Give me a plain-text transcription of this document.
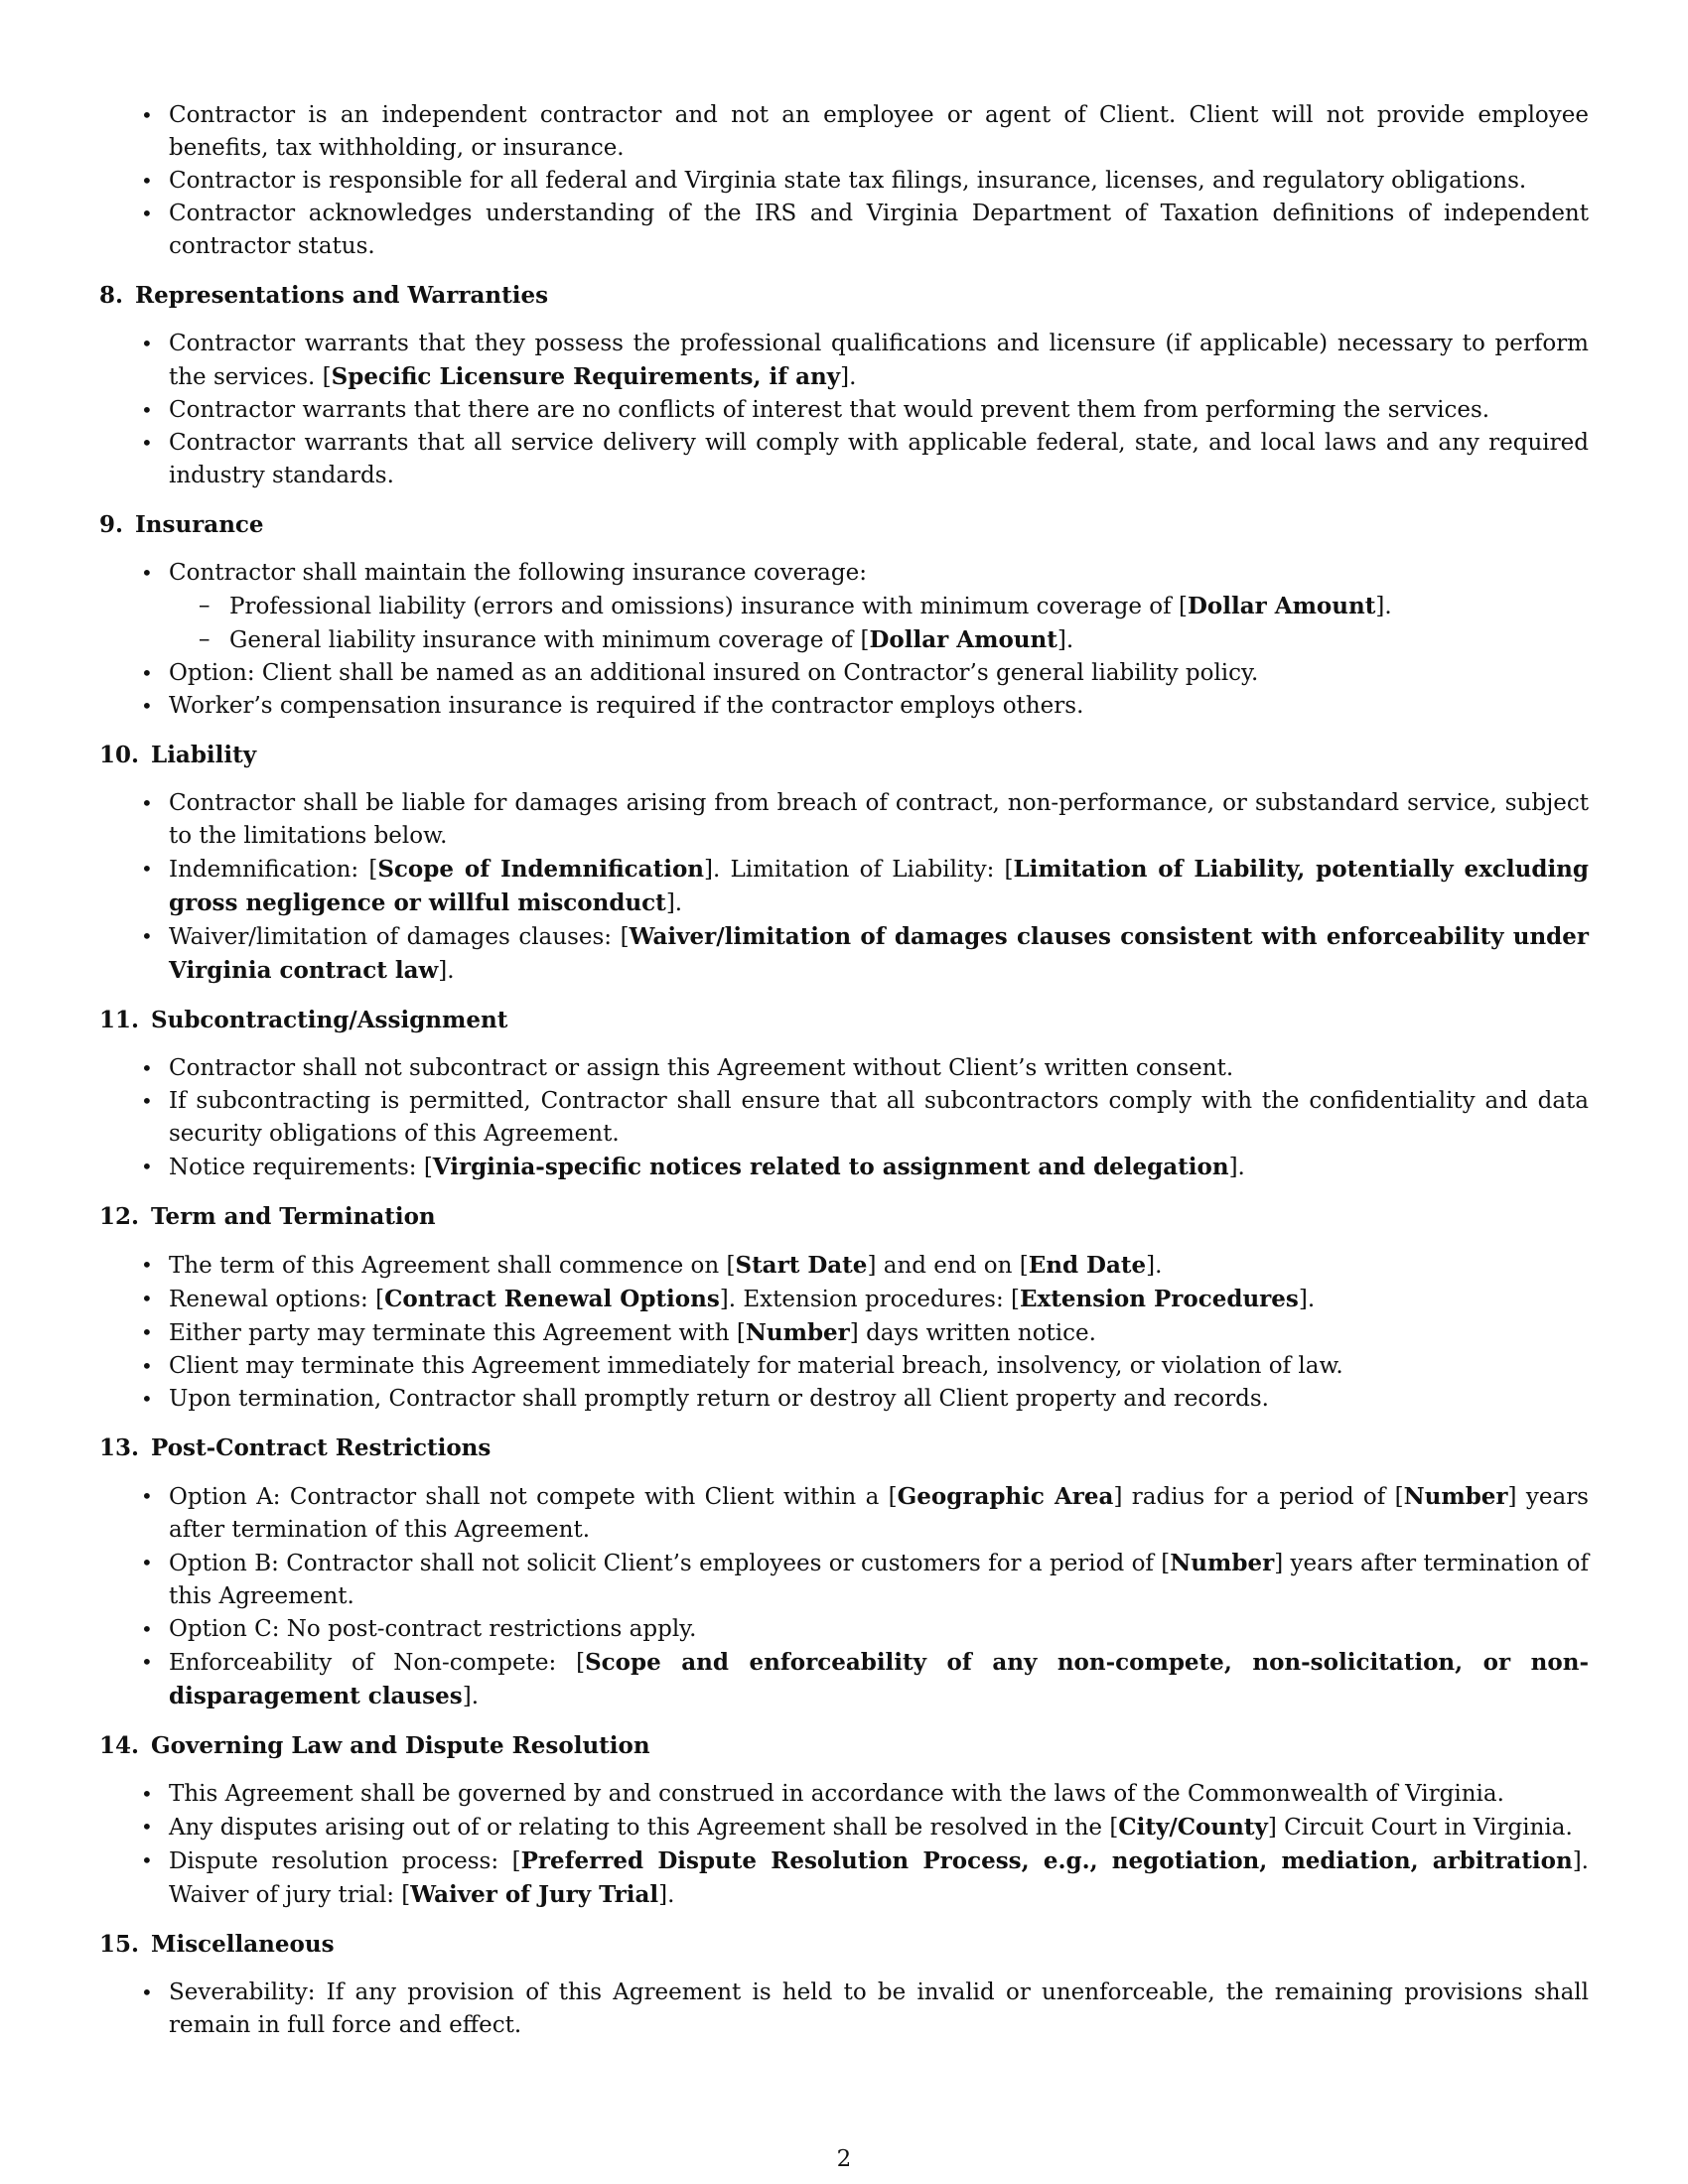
• Contractor is an independent contractor and not an employee or agent of Client. Client will not provide employee benefits, tax withholding, or insurance.
• Contractor is responsible for all federal and Virginia state tax filings, insurance, licenses, and regulatory obligations.
• Contractor acknowledges understanding of the IRS and Virginia Department of Taxation definitions of independent contractor status.
8. Representations and Warranties
• Contractor warrants that they possess the professional qualifications and licensure (if applicable) necessary to perform the services. [Specific Licensure Requirements, if any].
• Contractor warrants that there are no conflicts of interest that would prevent them from performing the services.
• Contractor warrants that all service delivery will comply with applicable federal, state, and local laws and any required industry standards.
9. Insurance
• Contractor shall maintain the following insurance coverage:
– Professional liability (errors and omissions) insurance with minimum coverage of [Dollar Amount].
– General liability insurance with minimum coverage of [Dollar Amount].
• Option: Client shall be named as an additional insured on Contractor’s general liability policy.
• Worker’s compensation insurance is required if the contractor employs others.
10. Liability
• Contractor shall be liable for damages arising from breach of contract, non-performance, or substandard service, subject to the limitations below.
• Indemnification: [Scope of Indemnification]. Limitation of Liability: [Limitation of Liability, potentially excluding gross negligence or willful misconduct].
• Waiver/limitation of damages clauses: [Waiver/limitation of damages clauses consistent with enforceability under Virginia contract law].
11. Subcontracting/Assignment
• Contractor shall not subcontract or assign this Agreement without Client’s written consent.
• If subcontracting is permitted, Contractor shall ensure that all subcontractors comply with the confidentiality and data security obligations of this Agreement.
• Notice requirements: [Virginia-specific notices related to assignment and delegation].
12. Term and Termination
• The term of this Agreement shall commence on [Start Date] and end on [End Date].
• Renewal options: [Contract Renewal Options]. Extension procedures: [Extension Procedures].
• Either party may terminate this Agreement with [Number] days written notice.
• Client may terminate this Agreement immediately for material breach, insolvency, or violation of law.
• Upon termination, Contractor shall promptly return or destroy all Client property and records.
13. Post-Contract Restrictions
• Option A: Contractor shall not compete with Client within a [Geographic Area] radius for a period of [Number] years after termination of this Agreement.
• Option B: Contractor shall not solicit Client’s employees or customers for a period of [Number] years after termination of this Agreement.
• Option C: No post-contract restrictions apply.
• Enforceability of Non-compete: [Scope and enforceability of any non-compete, non-solicitation, or non-disparagement clauses].
14. Governing Law and Dispute Resolution
• This Agreement shall be governed by and construed in accordance with the laws of the Commonwealth of Virginia.
• Any disputes arising out of or relating to this Agreement shall be resolved in the [City/County] Circuit Court in Virginia.
• Dispute resolution process: [Preferred Dispute Resolution Process, e.g., negotiation, mediation, arbitration]. Waiver of jury trial: [Waiver of Jury Trial].
15. Miscellaneous
• Severability: If any provision of this Agreement is held to be invalid or unenforceable, the remaining provisions shall remain in full force and effect.
2
